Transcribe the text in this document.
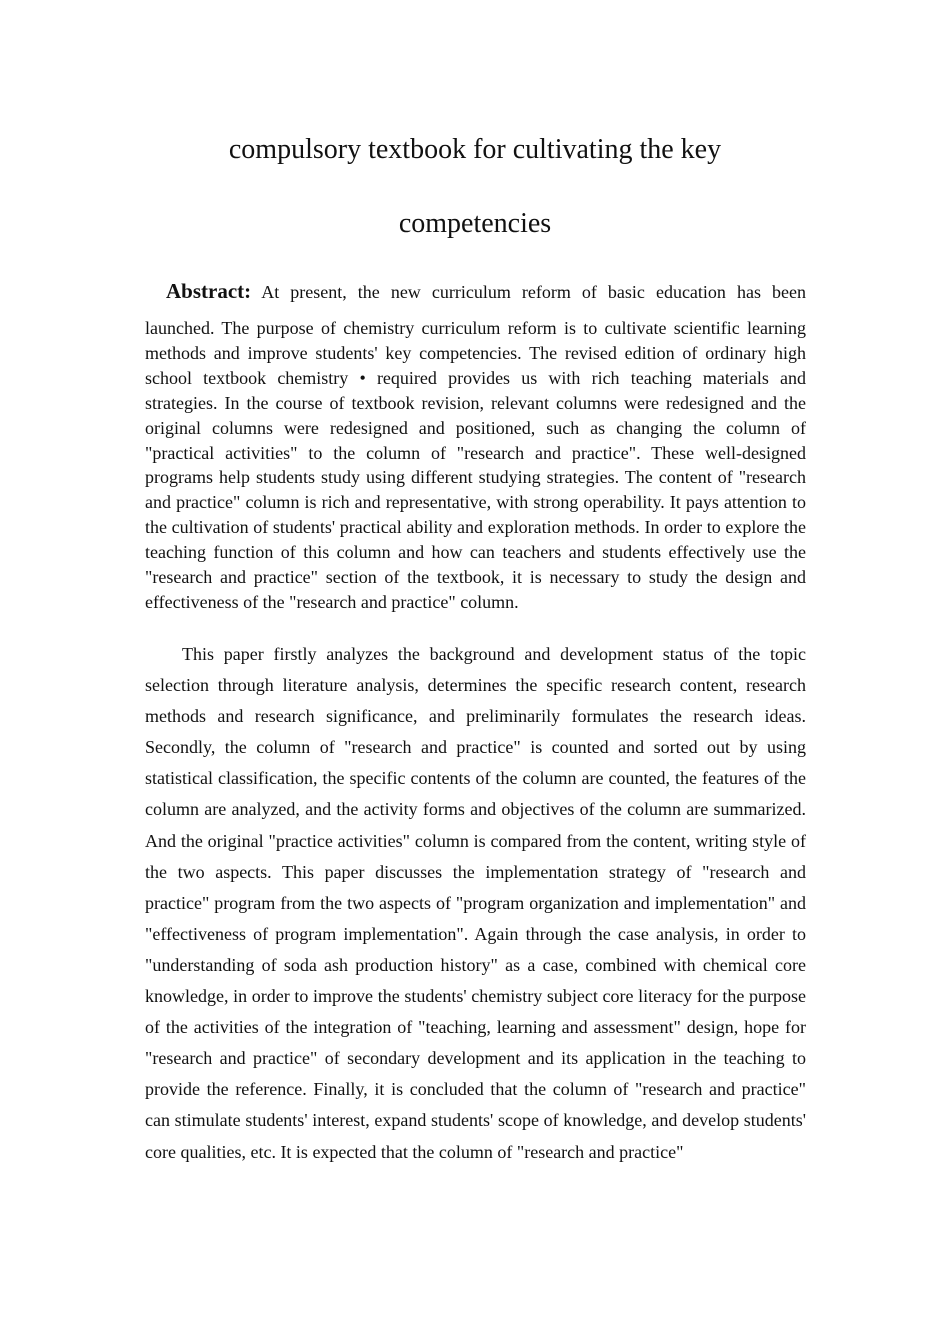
compulsory textbook for cultivating the key
competencies
Abstract: At present, the new curriculum reform of basic education has been

launched. The purpose of chemistry curriculum reform is to cultivate scientific learning methods and improve students' key competencies. The revised edition of ordinary high school textbook chemistry • required provides us with rich teaching materials and strategies. In the course of textbook revision, relevant columns were redesigned and the original columns were redesigned and positioned, such as changing the column of "practical activities" to the column of "research and practice". These well-designed programs help students study using different studying strategies. The content of "research and practice" column is rich and representative, with strong operability. It pays attention to the cultivation of students' practical ability and exploration methods. In order to explore the teaching function of this column and how can teachers and students effectively use the "research and practice" section of the textbook, it is necessary to study the design and effectiveness of the "research and practice" column.

This paper firstly analyzes the background and development status of the topic selection through literature analysis, determines the specific research content, research methods and research significance, and preliminarily formulates the research ideas. Secondly, the column of "research and practice" is counted and sorted out by using statistical classification, the specific contents of the column are counted, the features of the column are analyzed, and the activity forms and objectives of the column are summarized. And the original "practice activities" column is compared from the content, writing style of the two aspects. This paper discusses the implementation strategy of "research and practice" program from the two aspects of "program organization and implementation" and "effectiveness of program implementation". Again through the case analysis, in order to "understanding of soda ash production history" as a case, combined with chemical core knowledge, in order to improve the students' chemistry subject core literacy for the purpose of the activities of the integration of "teaching, learning and assessment" design, hope for "research and practice" of secondary development and its application in the teaching to provide the reference. Finally, it is concluded that the column of "research and practice" can stimulate students' interest, expand students' scope of knowledge, and develop students' core qualities, etc. It is expected that the column of "research and practice"
